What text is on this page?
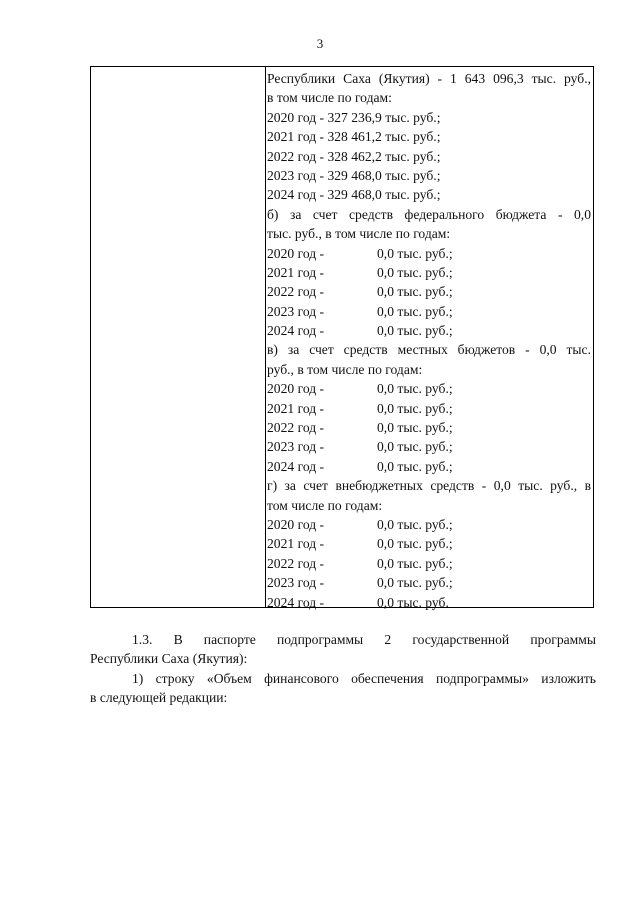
3
Республики Саха (Якутия) - 1 643 096,3 тыс. руб.,
в том числе по годам:
2020 год - 327 236,9 тыс. руб.;
2021 год - 328 461,2 тыс. руб.;
2022 год - 328 462,2 тыс. руб.;
2023 год - 329 468,0 тыс. руб.;
2024 год - 329 468,0 тыс. руб.;
б) за счет средств федерального бюджета - 0,0
тыс. руб., в том числе по годам:
2020 год -	0,0 тыс. руб.;
2021 год -	0,0 тыс. руб.;
2022 год -	0,0 тыс. руб.;
2023 год -	0,0 тыс. руб.;
2024 год -	0,0 тыс. руб.;
в) за счет средств местных бюджетов - 0,0 тыс.
руб., в том числе по годам:
2020 год -	0,0 тыс. руб.;
2021 год -	0,0 тыс. руб.;
2022 год -	0,0 тыс. руб.;
2023 год -	0,0 тыс. руб.;
2024 год -	0,0 тыс. руб.;
г) за счет внебюджетных средств - 0,0 тыс. руб., в
том числе по годам:
2020 год -	0,0 тыс. руб.;
2021 год -	0,0 тыс. руб.;
2022 год -	0,0 тыс. руб.;
2023 год -	0,0 тыс. руб.;
2024 год -	0,0 тыс. руб.
1.3. В паспорте подпрограммы 2 государственной программы
Республики Саха (Якутия):
1) строку «Объем финансового обеспечения подпрограммы» изложить
в следующей редакции:
